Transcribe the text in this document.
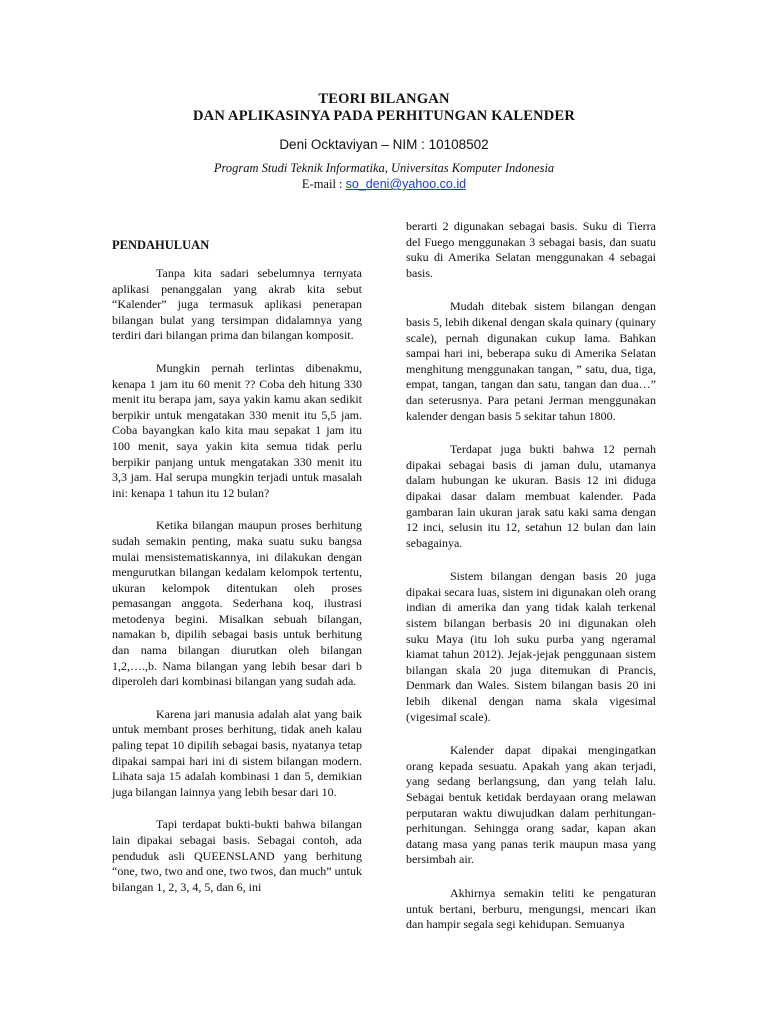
TEORI BILANGAN
DAN APLIKASINYA PADA PERHITUNGAN KALENDER
Deni Ocktaviyan – NIM : 10108502
Program Studi Teknik Informatika, Universitas Komputer Indonesia
E-mail : so_deni@yahoo.co.id
PENDAHULUAN

Tanpa kita sadari sebelumnya ternyata aplikasi penanggalan yang akrab kita sebut “Kalender” juga termasuk aplikasi penerapan bilangan bulat yang tersimpan didalamnya yang terdiri dari bilangan prima dan bilangan komposit.

Mungkin pernah terlintas dibenakmu, kenapa 1 jam itu 60 menit ?? Coba deh hitung 330 menit itu berapa jam, saya yakin kamu akan sedikit berpikir untuk mengatakan 330 menit itu 5,5 jam. Coba bayangkan kalo kita mau sepakat 1 jam itu 100 menit, saya yakin kita semua tidak perlu berpikir panjang untuk mengatakan 330 menit itu 3,3 jam. Hal serupa mungkin terjadi untuk masalah ini: kenapa 1 tahun itu 12 bulan?

Ketika bilangan maupun proses berhitung sudah semakin penting, maka suatu suku bangsa mulai mensistematiskannya, ini dilakukan dengan mengurutkan bilangan kedalam kelompok tertentu, ukuran kelompok ditentukan oleh proses pemasangan anggota. Sederhana koq, ilustrasi metodenya begini. Misalkan sebuah bilangan, namakan b, dipilih sebagai basis untuk berhitung dan nama bilangan diurutkan oleh bilangan 1,2,….,b. Nama bilangan yang lebih besar dari b diperoleh dari kombinasi bilangan yang sudah ada.

Karena jari manusia adalah alat yang baik untuk membant proses berhitung, tidak aneh kalau paling tepat 10 dipilih sebagai basis, nyatanya tetap dipakai sampai hari ini di sistem bilangan modern. Lihata saja 15 adalah kombinasi 1 dan 5, demikian juga bilangan lainnya yang lebih besar dari 10.

Tapi terdapat bukti-bukti bahwa bilangan lain dipakai sebagai basis. Sebagai contoh, ada penduduk asli QUEENSLAND yang berhitung “one, two, two and one, two twos, dan much” untuk bilangan 1, 2, 3, 4, 5, dan 6, ini

berarti 2 digunakan sebagai basis. Suku di Tierra del Fuego menggunakan 3 sebagai basis, dan suatu suku di Amerika Selatan menggunakan 4 sebagai basis.

Mudah ditebak sistem bilangan dengan basis 5, lebih dikenal dengan skala quinary (quinary scale), pernah digunakan cukup lama. Bahkan sampai hari ini, beberapa suku di Amerika Selatan menghitung menggunakan tangan, ” satu, dua, tiga, empat, tangan, tangan dan satu, tangan dan dua…” dan seterusnya. Para petani Jerman menggunakan kalender dengan basis 5 sekitar tahun 1800.

Terdapat juga bukti bahwa 12 pernah dipakai sebagai basis di jaman dulu, utamanya dalam hubungan ke ukuran. Basis 12 ini diduga dipakai dasar dalam membuat kalender. Pada gambaran lain ukuran jarak satu kaki sama dengan 12 inci, selusin itu 12, setahun 12 bulan dan lain sebagainya.

Sistem bilangan dengan basis 20 juga dipakai secara luas, sistem ini digunakan oleh orang indian di amerika dan yang tidak kalah terkenal sistem bilangan berbasis 20 ini digunakan oleh suku Maya (itu loh suku purba yang ngeramal kiamat tahun 2012). Jejak-jejak penggunaan sistem bilangan skala 20 juga ditemukan di Prancis, Denmark dan Wales. Sistem bilangan basis 20 ini lebih dikenal dengan nama skala vigesimal (vigesimal scale).

Kalender dapat dipakai mengingatkan orang kepada sesuatu. Apakah yang akan terjadi, yang sedang berlangsung, dan yang telah lalu. Sebagai bentuk ketidak berdayaan orang melawan perputaran waktu diwujudkan dalam perhitungan-perhitungan. Sehingga orang sadar, kapan akan datang masa yang panas terik maupun masa yang bersimbah air.

Akhirnya semakin teliti ke pengaturan untuk bertani, berburu, mengungsi, mencari ikan dan hampir segala segi kehidupan. Semuanya
